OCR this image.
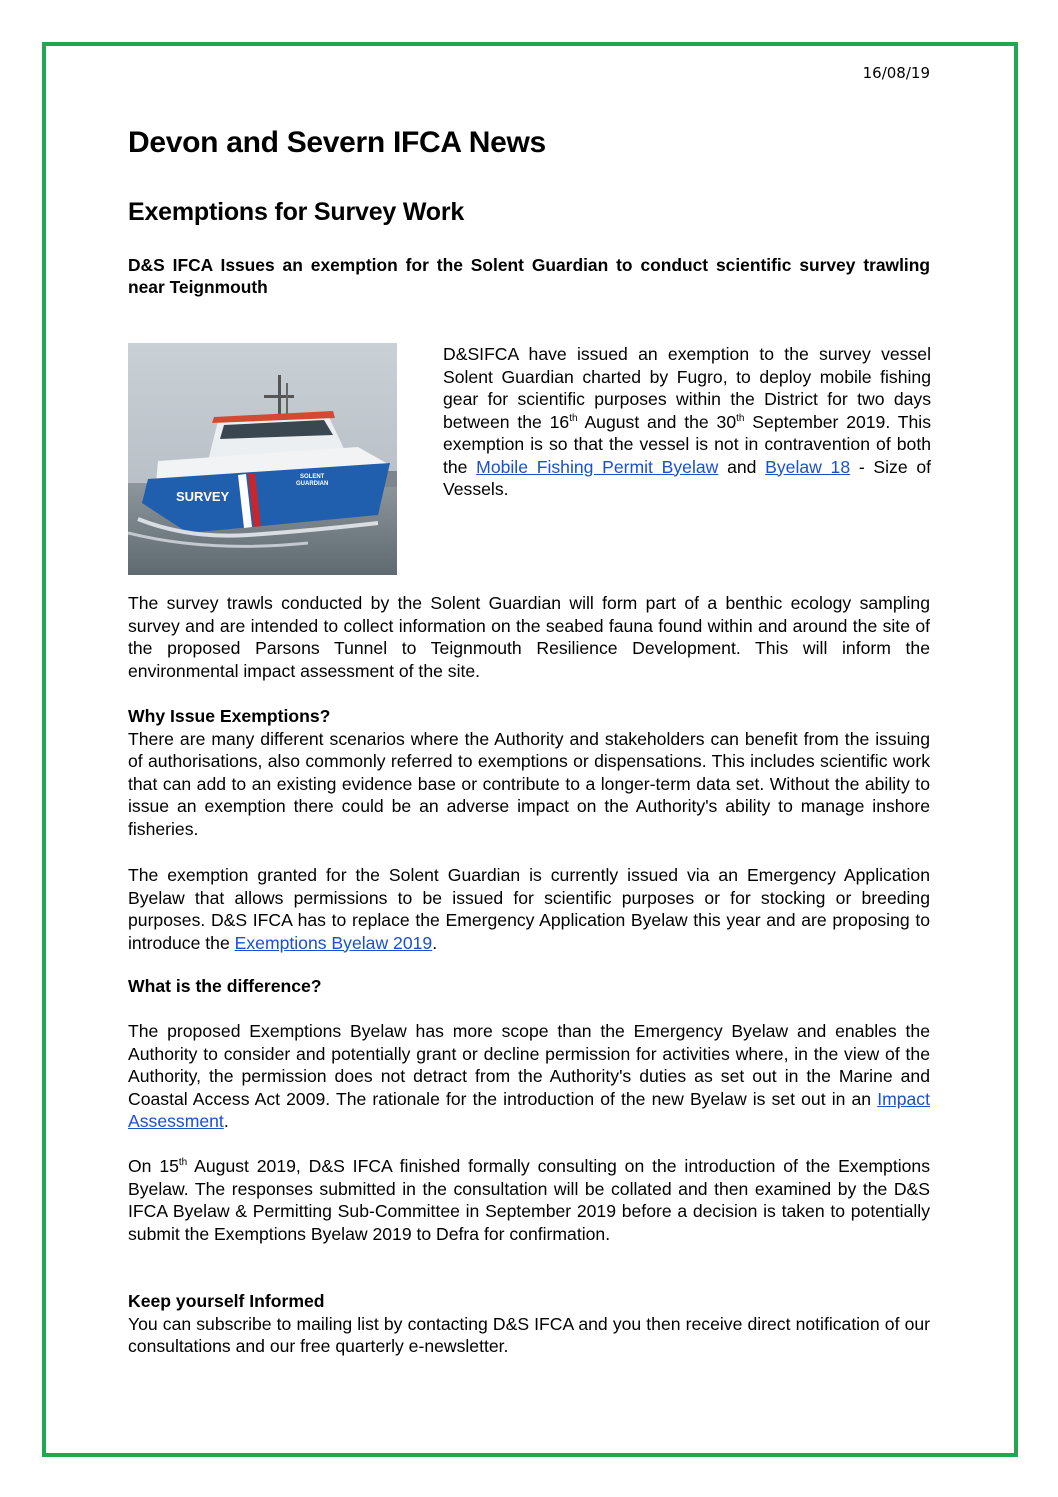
16/08/19
Devon and Severn IFCA News
Exemptions for Survey Work
D&S IFCA Issues an exemption for the Solent Guardian to conduct scientific survey trawling near Teignmouth
SURVEY
SOLENT
GUARDIAN
D&SIFCA have issued an exemption to the survey vessel Solent Guardian charted by Fugro, to deploy mobile fishing gear for scientific purposes within the District for two days between the 16th August and the 30th September 2019. This exemption is so that the vessel is not in contravention of both the Mobile Fishing Permit Byelaw and Byelaw 18 - Size of Vessels.

The survey trawls conducted by the Solent Guardian will form part of a benthic ecology sampling survey and are intended to collect information on the seabed fauna found within and around the site of the proposed Parsons Tunnel to Teignmouth Resilience Development. This will inform the environmental impact assessment of the site.

Why Issue Exemptions?

There are many different scenarios where the Authority and stakeholders can benefit from the issuing of authorisations, also commonly referred to exemptions or dispensations. This includes scientific work that can add to an existing evidence base or contribute to a longer-term data set. Without the ability to issue an exemption there could be an adverse impact on the Authority's ability to manage inshore fisheries.

The exemption granted for the Solent Guardian is currently issued via an Emergency Application Byelaw that allows permissions to be issued for scientific purposes or for stocking or breeding purposes. D&S IFCA has to replace the Emergency Application Byelaw this year and are proposing to introduce the Exemptions Byelaw 2019.

What is the difference?

The proposed Exemptions Byelaw has more scope than the Emergency Byelaw and enables the Authority to consider and potentially grant or decline permission for activities where, in the view of the Authority, the permission does not detract from the Authority's duties as set out in the Marine and Coastal Access Act 2009. The rationale for the introduction of the new Byelaw is set out in an Impact Assessment.

On 15th August 2019, D&S IFCA finished formally consulting on the introduction of the Exemptions Byelaw. The responses submitted in the consultation will be collated and then examined by the D&S IFCA Byelaw & Permitting Sub-Committee in September 2019 before a decision is taken to potentially submit the Exemptions Byelaw 2019 to Defra for confirmation.

Keep yourself Informed

You can subscribe to mailing list by contacting D&S IFCA and you then receive direct notification of our consultations and our free quarterly e-newsletter.
